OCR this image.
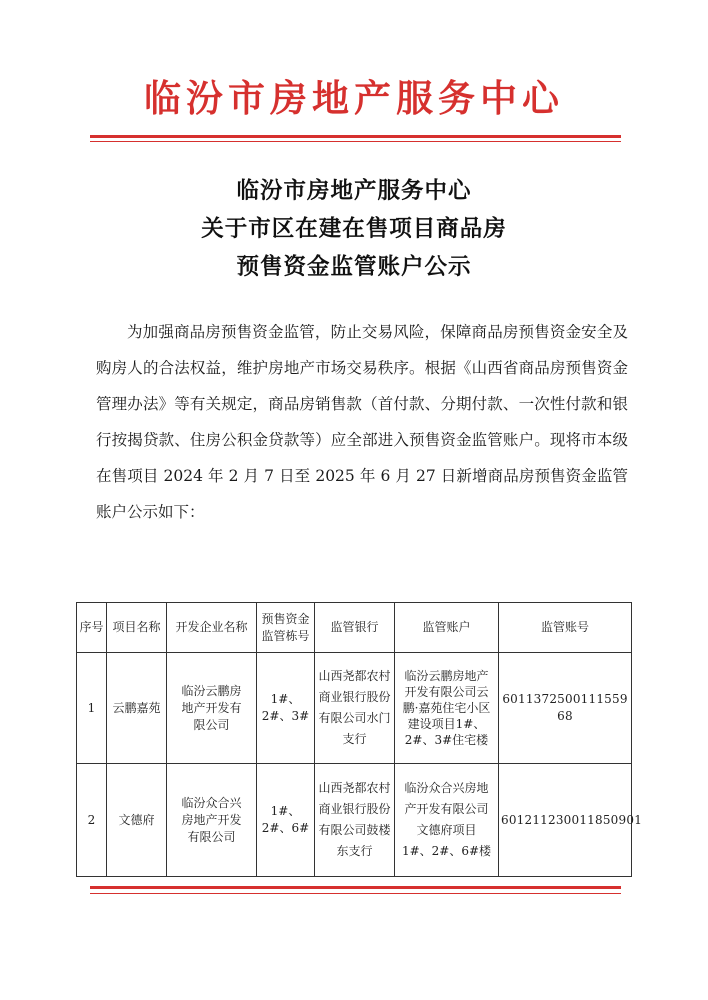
临汾市房地产服务中心
临汾市房地产服务中心
关于市区在建在售项目商品房
预售资金监管账户公示

为加强商品房预售资金监管，防止交易风险，保障商品房预售资金安全及购房人的合法权益，维护房地产市场交易秩序。根据《山西省商品房预售资金管理办法》等有关规定，商品房销售款（首付款、分期付款、一次性付款和银行按揭贷款、住房公积金贷款等）应全部进入预售资金监管账户。现将市本级在售项目 2024 年 2 月 7 日至 2025 年 6 月 27 日新增商品房预售资金监管账户公示如下：

序号	项目名称	开发企业名称	预售资金监管栋号	监管银行	监管账户	监管账号
1	云鹏嘉苑	临汾云鹏房地产开发有限公司	1#、2#、3#	山西尧都农村商业银行股份有限公司水门支行	临汾云鹏房地产开发有限公司云鹏·嘉苑住宅小区建设项目1#、2#、3#住宅楼	6011372500111559 68
2	文德府	临汾众合兴房地产开发有限公司	1#、2#、6#	山西尧都农村商业银行股份有限公司鼓楼东支行	临汾众合兴房地产开发有限公司文德府项目 1#、2#、6#楼	601211230011850901
